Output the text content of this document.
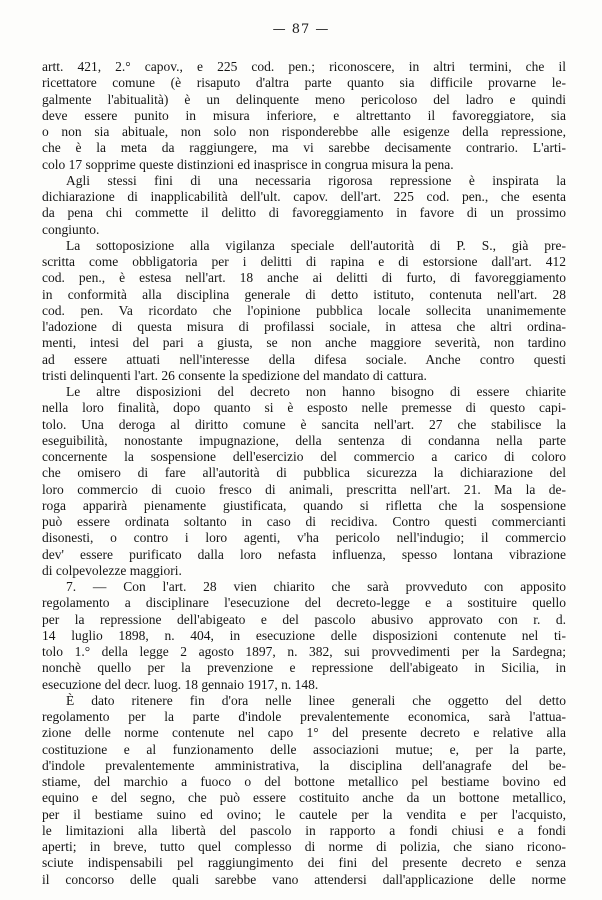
— 87 —
artt. 421, 2.° capov., e 225 cod. pen.; riconoscere, in altri termini, che il
ricettatore comune (è risaputo d'altra parte quanto sia difficile provarne le-
galmente l'abitualità) è un delinquente meno pericoloso del ladro e quindi
deve essere punito in misura inferiore, e altrettanto il favoreggiatore, sia
o non sia abituale, non solo non risponderebbe alle esigenze della repressione,
che è la meta da raggiungere, ma vi sarebbe decisamente contrario. L'arti-
colo 17 sopprime queste distinzioni ed inasprisce in congrua misura la pena.
Agli stessi fini di una necessaria rigorosa repressione è inspirata la
dichiarazione di inapplicabilità dell'ult. capov. dell'art. 225 cod. pen., che esenta
da pena chi commette il delitto di favoreggiamento in favore di un prossimo
congiunto.
La sottoposizione alla vigilanza speciale dell'autorità di P. S., già pre-
scritta come obbligatoria per i delitti di rapina e di estorsione dall'art. 412
cod. pen., è estesa nell'art. 18 anche ai delitti di furto, di favoreggiamento
in conformità alla disciplina generale di detto istituto, contenuta nell'art. 28
cod. pen. Va ricordato che l'opinione pubblica locale sollecita unanimemente
l'adozione di questa misura di profilassi sociale, in attesa che altri ordina-
menti, intesi del pari a giusta, se non anche maggiore severità, non tardino
ad essere attuati nell'interesse della difesa sociale. Anche contro questi
tristi delinquenti l'art. 26 consente la spedizione del mandato di cattura.
Le altre disposizioni del decreto non hanno bisogno di essere chiarite
nella loro finalità, dopo quanto si è esposto nelle premesse di questo capi-
tolo. Una deroga al diritto comune è sancita nell'art. 27 che stabilisce la
eseguibilità, nonostante impugnazione, della sentenza di condanna nella parte
concernente la sospensione dell'esercizio del commercio a carico di coloro
che omisero di fare all'autorità di pubblica sicurezza la dichiarazione del
loro commercio di cuoio fresco di animali, prescritta nell'art. 21. Ma la de-
roga apparirà pienamente giustificata, quando si rifletta che la sospensione
può essere ordinata soltanto in caso di recidiva. Contro questi commercianti
disonesti, o contro i loro agenti, v'ha pericolo nell'indugio; il commercio
dev' essere purificato dalla loro nefasta influenza, spesso lontana vibrazione
di colpevolezze maggiori.
7. — Con l'art. 28 vien chiarito che sarà provveduto con apposito
regolamento a disciplinare l'esecuzione del decreto-legge e a sostituire quello
per la repressione dell'abigeato e del pascolo abusivo approvato con r. d.
14 luglio 1898, n. 404, in esecuzione delle disposizioni contenute nel ti-
tolo 1.° della legge 2 agosto 1897, n. 382, sui provvedimenti per la Sardegna;
nonchè quello per la prevenzione e repressione dell'abigeato in Sicilia, in
esecuzione del decr. luog. 18 gennaio 1917, n. 148.
È dato ritenere fin d'ora nelle linee generali che oggetto del detto
regolamento per la parte d'indole prevalentemente economica, sarà l'attua-
zione delle norme contenute nel capo 1° del presente decreto e relative alla
costituzione e al funzionamento delle associazioni mutue; e, per la parte,
d'indole prevalentemente amministrativa, la disciplina dell'anagrafe del be-
stiame, del marchio a fuoco o del bottone metallico pel bestiame bovino ed
equino e del segno, che può essere costituito anche da un bottone metallico,
per il bestiame suino ed ovino; le cautele per la vendita e per l'acquisto,
le limitazioni alla libertà del pascolo in rapporto a fondi chiusi e a fondi
aperti; in breve, tutto quel complesso di norme di polizia, che siano ricono-
sciute indispensabili pel raggiungimento dei fini del presente decreto e senza
il concorso delle quali sarebbe vano attendersi dall'applicazione delle norme
